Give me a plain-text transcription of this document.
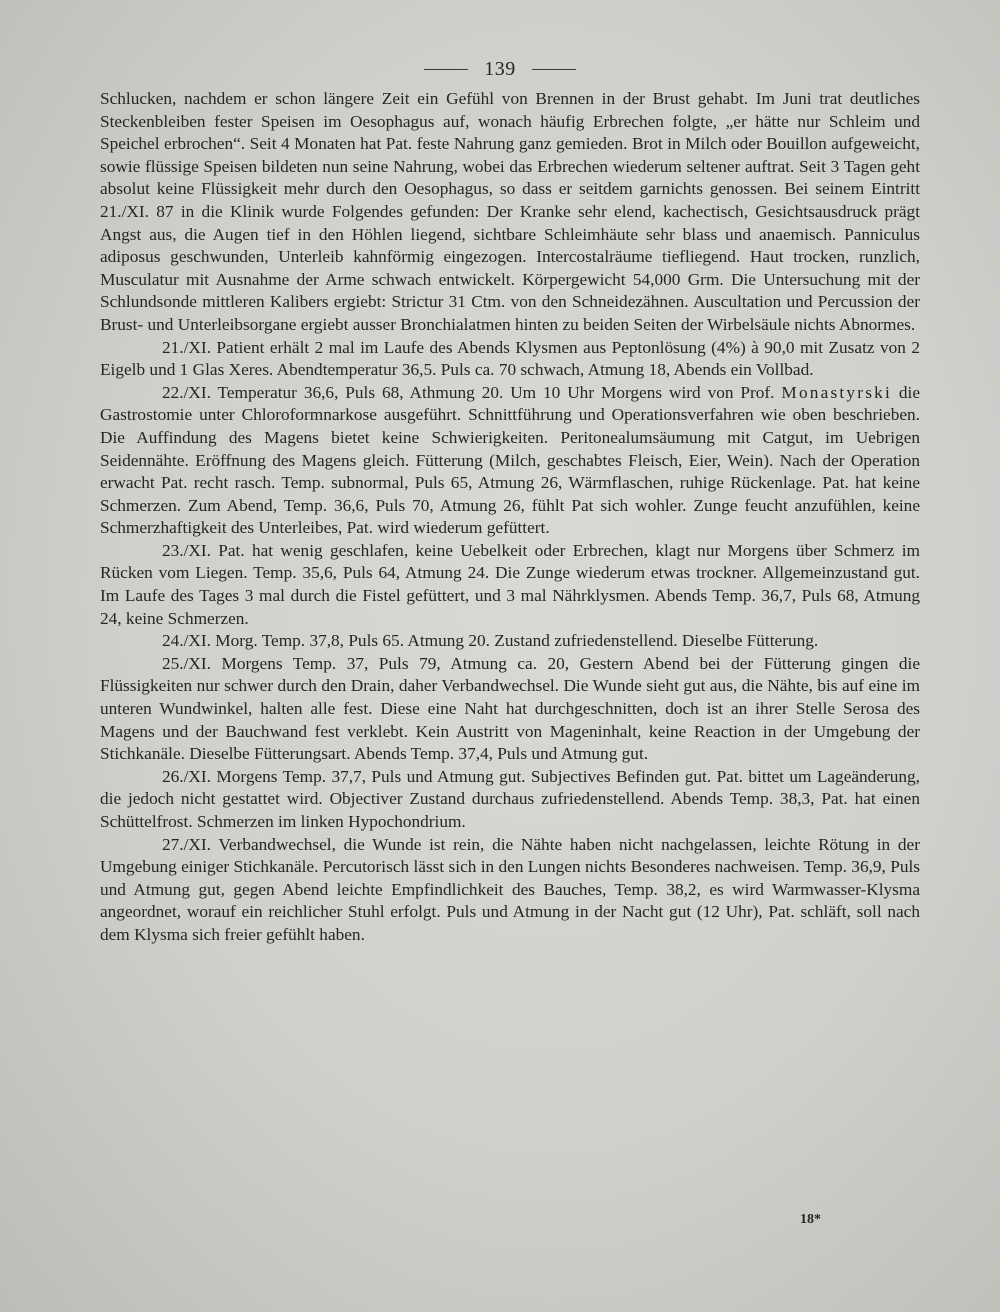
139

Schlucken, nachdem er schon längere Zeit ein Gefühl von Brennen in der Brust gehabt. Im Juni trat deutliches Steckenbleiben fester Speisen im Oesophagus auf, wonach häufig Erbrechen folgte, „er hätte nur Schleim und Speichel erbrochen“. Seit 4 Monaten hat Pat. feste Nahrung ganz gemieden. Brot in Milch oder Bouillon aufgeweicht, sowie flüssige Speisen bildeten nun seine Nahrung, wobei das Erbrechen wiederum seltener auftrat. Seit 3 Tagen geht absolut keine Flüssigkeit mehr durch den Oesophagus, so dass er seitdem garnichts genossen. Bei seinem Eintritt 21./XI. 87 in die Klinik wurde Folgendes gefunden: Der Kranke sehr elend, kachectisch, Gesichtsausdruck prägt Angst aus, die Augen tief in den Höhlen liegend, sichtbare Schleimhäute sehr blass und anaemisch. Panniculus adiposus geschwunden, Unterleib kahnförmig eingezogen. Intercostalräume tiefliegend. Haut trocken, runzlich, Musculatur mit Ausnahme der Arme schwach entwickelt. Körpergewicht 54,000 Grm. Die Untersuchung mit der Schlundsonde mittleren Kalibers ergiebt: Strictur 31 Ctm. von den Schneidezähnen. Auscultation und Percussion der Brust- und Unterleibsorgane ergiebt ausser Bronchialatmen hinten zu beiden Seiten der Wirbelsäule nichts Abnormes.

21./XI. Patient erhält 2 mal im Laufe des Abends Klysmen aus Peptonlösung (4%) à 90,0 mit Zusatz von 2 Eigelb und 1 Glas Xeres. Abendtemperatur 36,5. Puls ca. 70 schwach, Atmung 18, Abends ein Vollbad.

22./XI. Temperatur 36,6, Puls 68, Athmung 20. Um 10 Uhr Morgens wird von Prof. Monastyrski die Gastrostomie unter Chloroformnarkose ausgeführt. Schnittführung und Operationsverfahren wie oben beschrieben. Die Auffindung des Magens bietet keine Schwierigkeiten. Peritonealumsäumung mit Catgut, im Uebrigen Seidennähte. Eröffnung des Magens gleich. Fütterung (Milch, geschabtes Fleisch, Eier, Wein). Nach der Operation erwacht Pat. recht rasch. Temp. subnormal, Puls 65, Atmung 26, Wärmflaschen, ruhige Rückenlage. Pat. hat keine Schmerzen. Zum Abend, Temp. 36,6, Puls 70, Atmung 26, fühlt Pat sich wohler. Zunge feucht anzufühlen, keine Schmerzhaftigkeit des Unterleibes, Pat. wird wiederum gefüttert.

23./XI. Pat. hat wenig geschlafen, keine Uebelkeit oder Erbrechen, klagt nur Morgens über Schmerz im Rücken vom Liegen. Temp. 35,6, Puls 64, Atmung 24. Die Zunge wiederum etwas trockner. Allgemeinzustand gut. Im Laufe des Tages 3 mal durch die Fistel gefüttert, und 3 mal Nährklysmen. Abends Temp. 36,7, Puls 68, Atmung 24, keine Schmerzen.

24./XI. Morg. Temp. 37,8, Puls 65. Atmung 20. Zustand zufriedenstellend. Dieselbe Fütterung.

25./XI. Morgens Temp. 37, Puls 79, Atmung ca. 20, Gestern Abend bei der Fütterung gingen die Flüssigkeiten nur schwer durch den Drain, daher Verbandwechsel. Die Wunde sieht gut aus, die Nähte, bis auf eine im unteren Wundwinkel, halten alle fest. Diese eine Naht hat durchgeschnitten, doch ist an ihrer Stelle Serosa des Magens und der Bauchwand fest verklebt. Kein Austritt von Mageninhalt, keine Reaction in der Umgebung der Stichkanäle. Dieselbe Fütterungsart. Abends Temp. 37,4, Puls und Atmung gut.

26./XI. Morgens Temp. 37,7, Puls und Atmung gut. Subjectives Befinden gut. Pat. bittet um Lageänderung, die jedoch nicht gestattet wird. Objectiver Zustand durchaus zufriedenstellend. Abends Temp. 38,3, Pat. hat einen Schüttelfrost. Schmerzen im linken Hypochondrium.

27./XI. Verbandwechsel, die Wunde ist rein, die Nähte haben nicht nachgelassen, leichte Rötung in der Umgebung einiger Stichkanäle. Percutorisch lässt sich in den Lungen nichts Besonderes nachweisen. Temp. 36,9, Puls und Atmung gut, gegen Abend leichte Empfindlichkeit des Bauches, Temp. 38,2, es wird Warmwasser-Klysma angeordnet, worauf ein reichlicher Stuhl erfolgt. Puls und Atmung in der Nacht gut (12 Uhr), Pat. schläft, soll nach dem Klysma sich freier gefühlt haben.

18*
